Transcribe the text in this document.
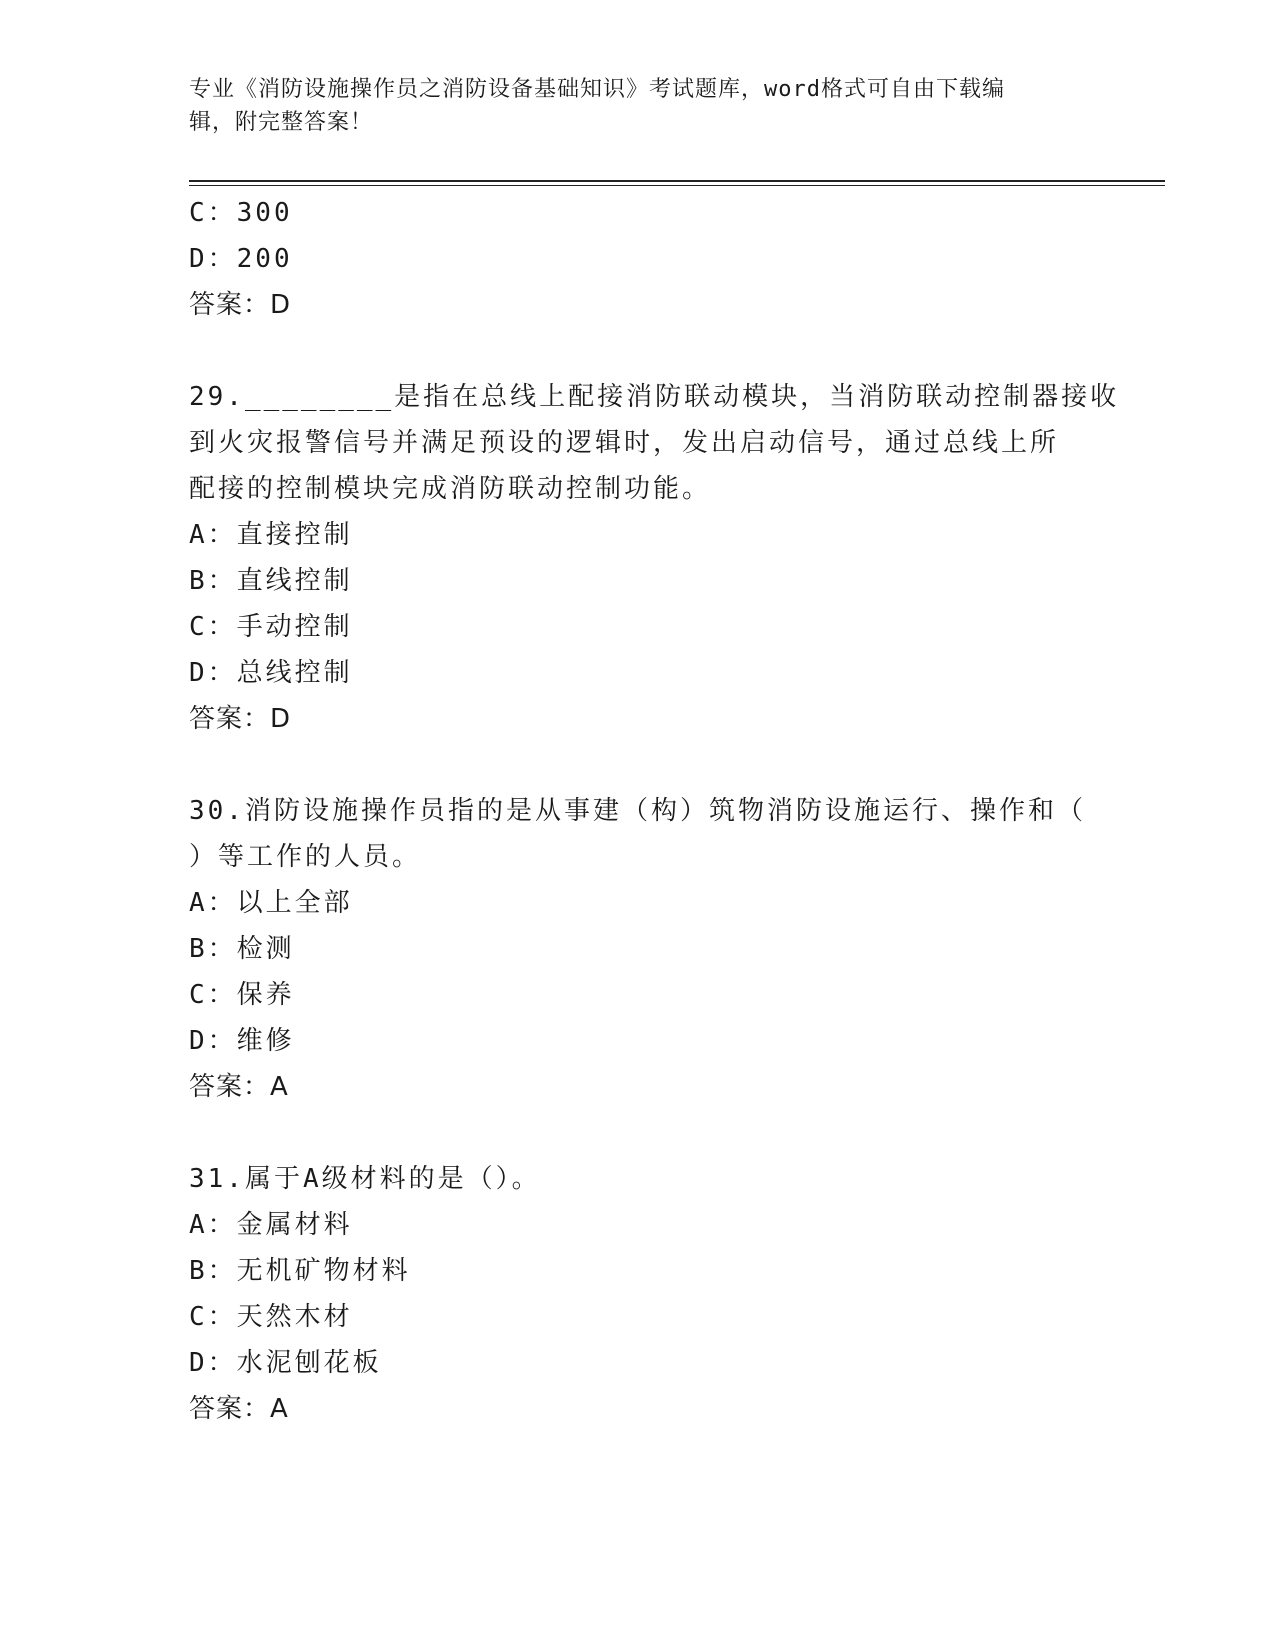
专业《消防设施操作员之消防设备基础知识》考试题库，word格式可自由下载编
辑，附完整答案！
C：300
D：200
答案：D
29.________是指在总线上配接消防联动模块，当消防联动控制器接收
到火灾报警信号并满足预设的逻辑时，发出启动信号，通过总线上所
配接的控制模块完成消防联动控制功能。
A：直接控制
B：直线控制
C：手动控制
D：总线控制
答案：D
30.消防设施操作员指的是从事建（构）筑物消防设施运行、操作和（
）等工作的人员。
A：以上全部
B：检测
C：保养
D：维修
答案：A
31.属于A级材料的是（）。
A：金属材料
B：无机矿物材料
C：天然木材
D：水泥刨花板
答案：A
